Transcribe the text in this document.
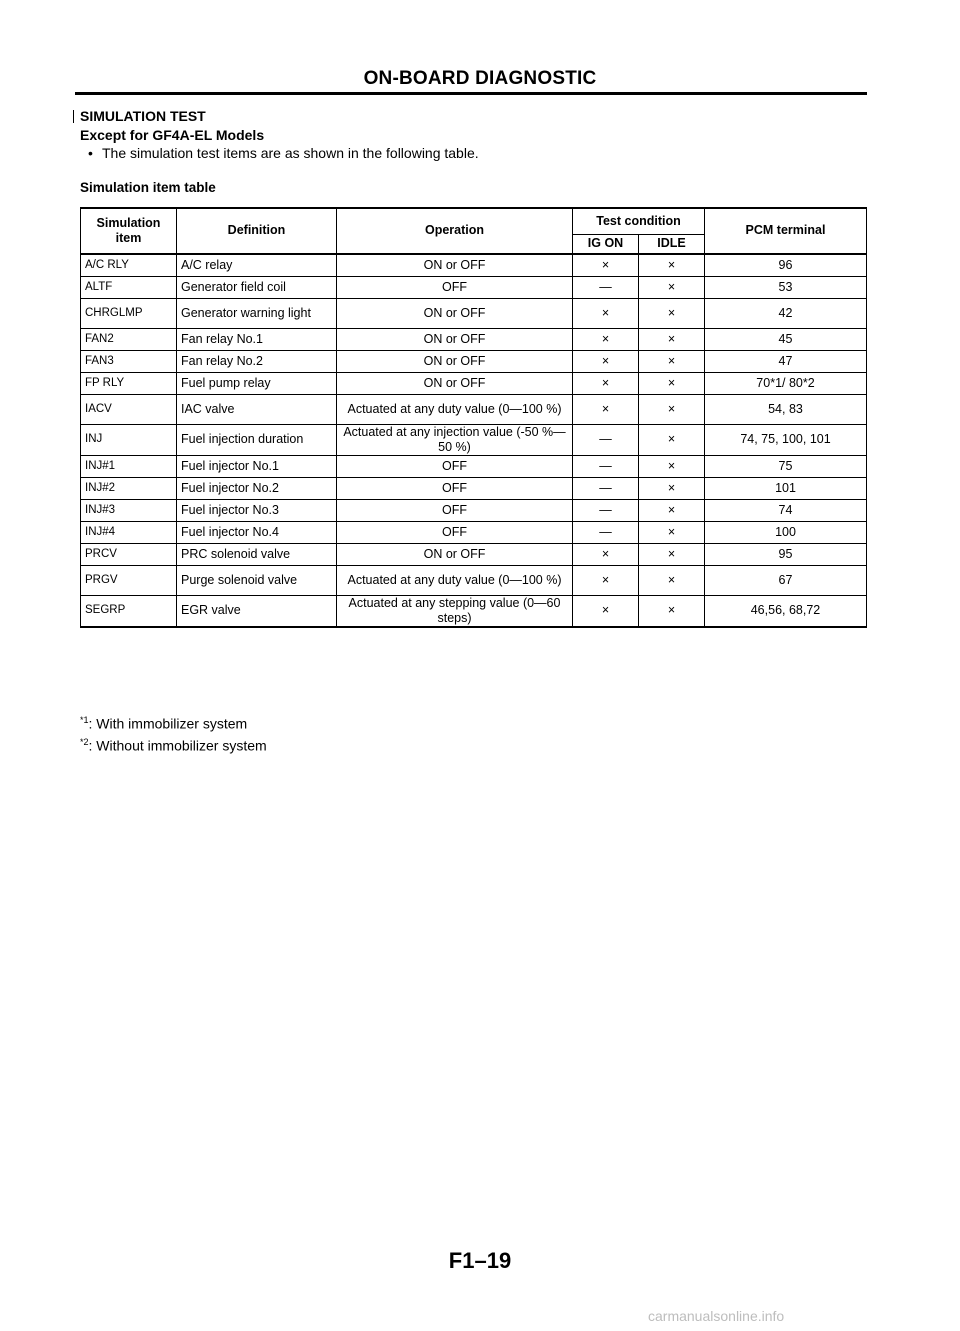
ON-BOARD DIAGNOSTIC
SIMULATION TEST
Except for GF4A-EL Models
• The simulation test items are as shown in the following table.
Simulation item table
Simulation item	Definition	Operation	Test condition		PCM terminal
			IG ON	IDLE	
A/C RLY	A/C relay	ON or OFF	×	×	96
ALTF	Generator field coil	OFF	—	×	53
CHRGLMP	Generator warning light	ON or OFF	×	×	42
FAN2	Fan relay No.1	ON or OFF	×	×	45
FAN3	Fan relay No.2	ON or OFF	×	×	47
FP RLY	Fuel pump relay	ON or OFF	×	×	70*1/ 80*2
IACV	IAC valve	Actuated at any duty value (0—100 %)	×	×	54, 83
INJ	Fuel injection duration	Actuated at any injection value (-50 %—50 %)	—	×	74, 75, 100, 101
INJ#1	Fuel injector No.1	OFF	—	×	75
INJ#2	Fuel injector No.2	OFF	—	×	101
INJ#3	Fuel injector No.3	OFF	—	×	74
INJ#4	Fuel injector No.4	OFF	—	×	100
PRCV	PRC solenoid valve	ON or OFF	×	×	95
PRGV	Purge solenoid valve	Actuated at any duty value (0—100 %)	×	×	67
SEGRP	EGR valve	Actuated at any stepping value (0—60 steps)	×	×	46,56, 68,72
$^{*1}$: With immobilizer system
$^{*2}$: Without immobilizer system
F1–19
carmanualsonline.info
